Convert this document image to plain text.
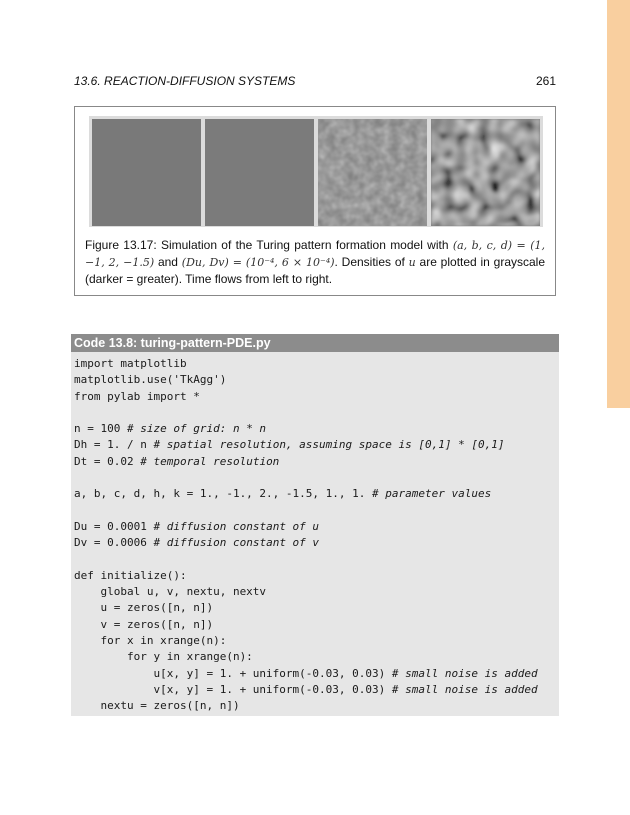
13.6. REACTION-DIFFUSION SYSTEMS	261
Figure 13.17: Simulation of the Turing pattern formation model with (a, b, c, d) = (1, −1, 2, −1.5) and (Du, Dv) = (10⁻⁴, 6 × 10⁻⁴). Densities of u are plotted in grayscale (darker = greater). Time flows from left to right.
Code 13.8: turing-pattern-PDE.py
import matplotlib
matplotlib.use('TkAgg')
from pylab import *
n = 100 # size of grid: n * n
Dh = 1. / n # spatial resolution, assuming space is [0,1] * [0,1]
Dt = 0.02 # temporal resolution
a, b, c, d, h, k = 1., -1., 2., -1.5, 1., 1. # parameter values
Du = 0.0001 # diffusion constant of u
Dv = 0.0006 # diffusion constant of v
def initialize():
global u, v, nextu, nextv
u = zeros([n, n])
v = zeros([n, n])
for x in xrange(n):
for y in xrange(n):
u[x, y] = 1. + uniform(-0.03, 0.03) # small noise is added
v[x, y] = 1. + uniform(-0.03, 0.03) # small noise is added
nextu = zeros([n, n])
